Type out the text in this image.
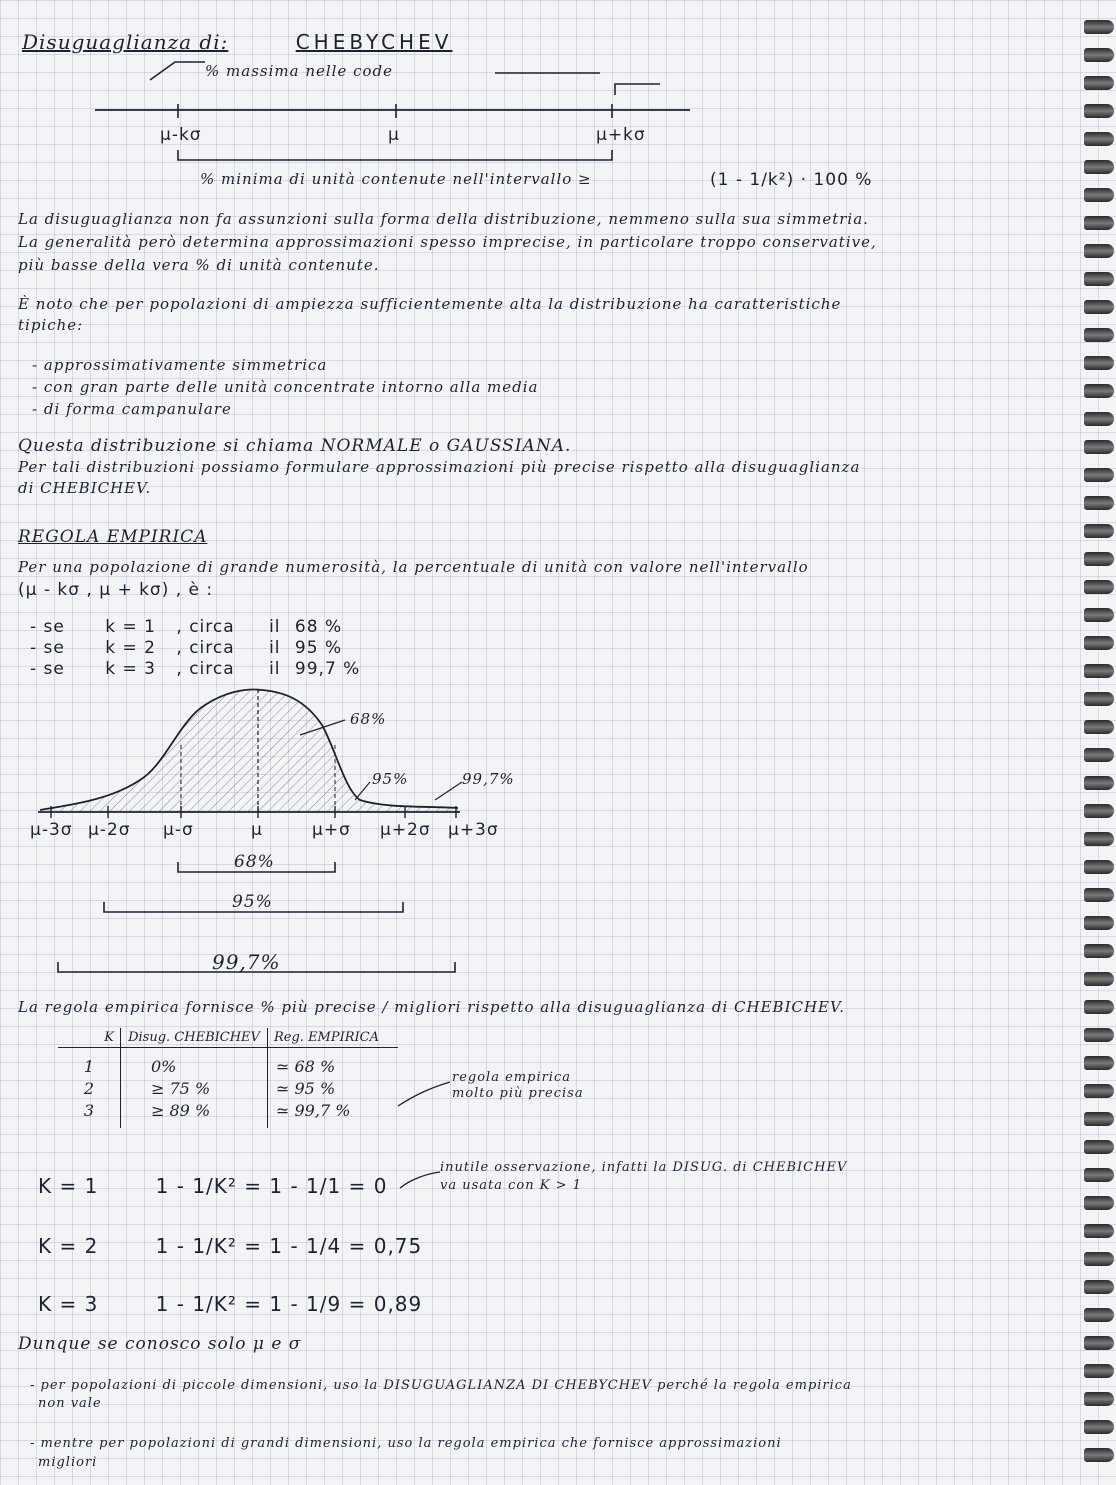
Disuguaglianza di:	CHEBYCHEV
% massima nelle code
μ-kσ	μ	μ+kσ
% minima di unità contenute nell'intervallo ≥	(1 - 1/k²) · 100 %
La disuguaglianza non fa assunzioni sulla forma della distribuzione, nemmeno sulla sua simmetria.
La generalità però determina approssimazioni spesso imprecise, in particolare troppo conservative,
più basse della vera % di unità contenute.
È noto che per popolazioni di ampiezza sufficientemente alta la distribuzione ha caratteristiche
tipiche:
- approssimativamente simmetrica
- con gran parte delle unità concentrate intorno alla media
- di forma campanulare
Questa distribuzione si chiama NORMALE o GAUSSIANA.
Per tali distribuzioni possiamo formulare approssimazioni più precise rispetto alla disuguaglianza
di CHEBICHEV.
REGOLA EMPIRICA
Per una popolazione di grande numerosità, la percentuale di unità con valore nell'intervallo
(μ - kσ , μ + kσ) , è :
- se k = 1 , circa il 68 %
- se k = 2 , circa il 95 %
- se k = 3 , circa il 99,7 %
68%
95%	99,7%
μ-3σ μ-2σ μ-σ	μ	μ+σ μ+2σ μ+3σ
68%
95%
99,7%
La regola empirica fornisce % più precise / migliori rispetto alla disuguaglianza di CHEBICHEV.
K	Disug. CHEBICHEV	Reg. EMPIRICA

1	0%	≃ 68 %
2	≥ 75 %	≃ 95 %
3	≥ 89 %	≃ 99,7 %

regola empirica
molto più precisa
K = 1	1 - 1/K² = 1 - 1/1 = 0
K = 2	1 - 1/K² = 1 - 1/4 = 0,75
K = 3	1 - 1/K² = 1 - 1/9 = 0,89
inutile osservazione, infatti la DISUG. di CHEBICHEV
va usata con K > 1
Dunque se conosco solo μ e σ
- per popolazioni di piccole dimensioni, uso la DISUGUAGLIANZA DI CHEBYCHEV perché la regola empirica
non vale
- mentre per popolazioni di grandi dimensioni, uso la regola empirica che fornisce approssimazioni
migliori
